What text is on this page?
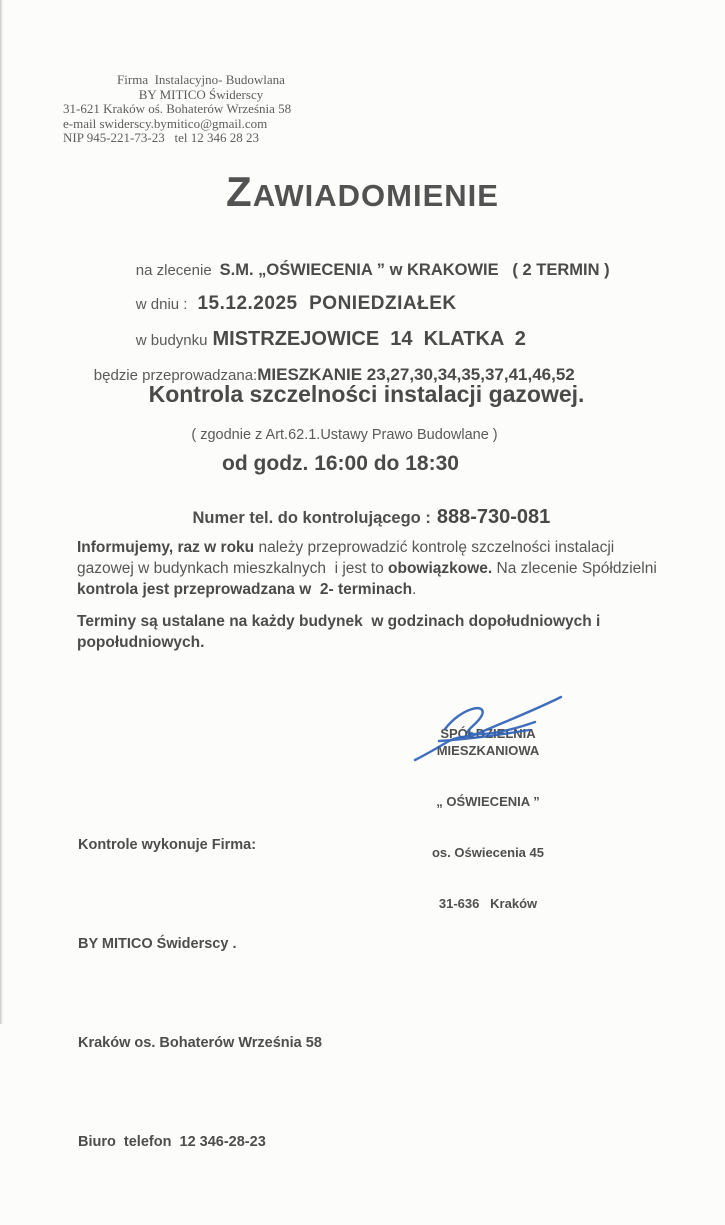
Firma  Instalacyjno- Budowlana
BY MITICO Świderscy
31-621 Kraków oś. Bohaterów Września 58
e-mail swiderscy.bymitico@gmail.com
NIP 945-221-73-23   tel 12 346 28 23
ZAWIADOMIENIE

na zlecenie S.M. „OŚWIECENIA ” w KRAKOWIE   ( 2 TERMIN )

w dniu : 15.12.2025  PONIEDZIAŁEK

w budynku MISTRZEJOWICE  14  KLATKA  2

będzie przeprowadzana:MIESZKANIE 23,27,30,34,35,37,41,46,52

Kontrola szczelności instalacji gazowej.
( zgodnie z Art.62.1.Ustawy Prawo Budowlane )
od godz. 16:00 do 18:30

Numer tel. do kontrolującego : 888-730-081

Informujemy, raz w roku należy przeprowadzić kontrolę szczelności instalacji gazowej w budynkach mieszkalnych  i jest to obowiązkowe. Na zlecenie Spółdzielni kontrola jest przeprowadzana w  2- terminach.

Terminy są ustalane na każdy budynek  w godzinach dopołudniowych i popołudniowych.

SPÓŁDZIELNIA MIESZKANIOWA

„ OŚWIECENIA ”

os. Oświecenia 45

31-636   Kraków

Kontrole wykonuje Firma:

BY MITICO Świderscy .

Kraków os. Bohaterów Września 58

Biuro  telefon  12 346-28-23
